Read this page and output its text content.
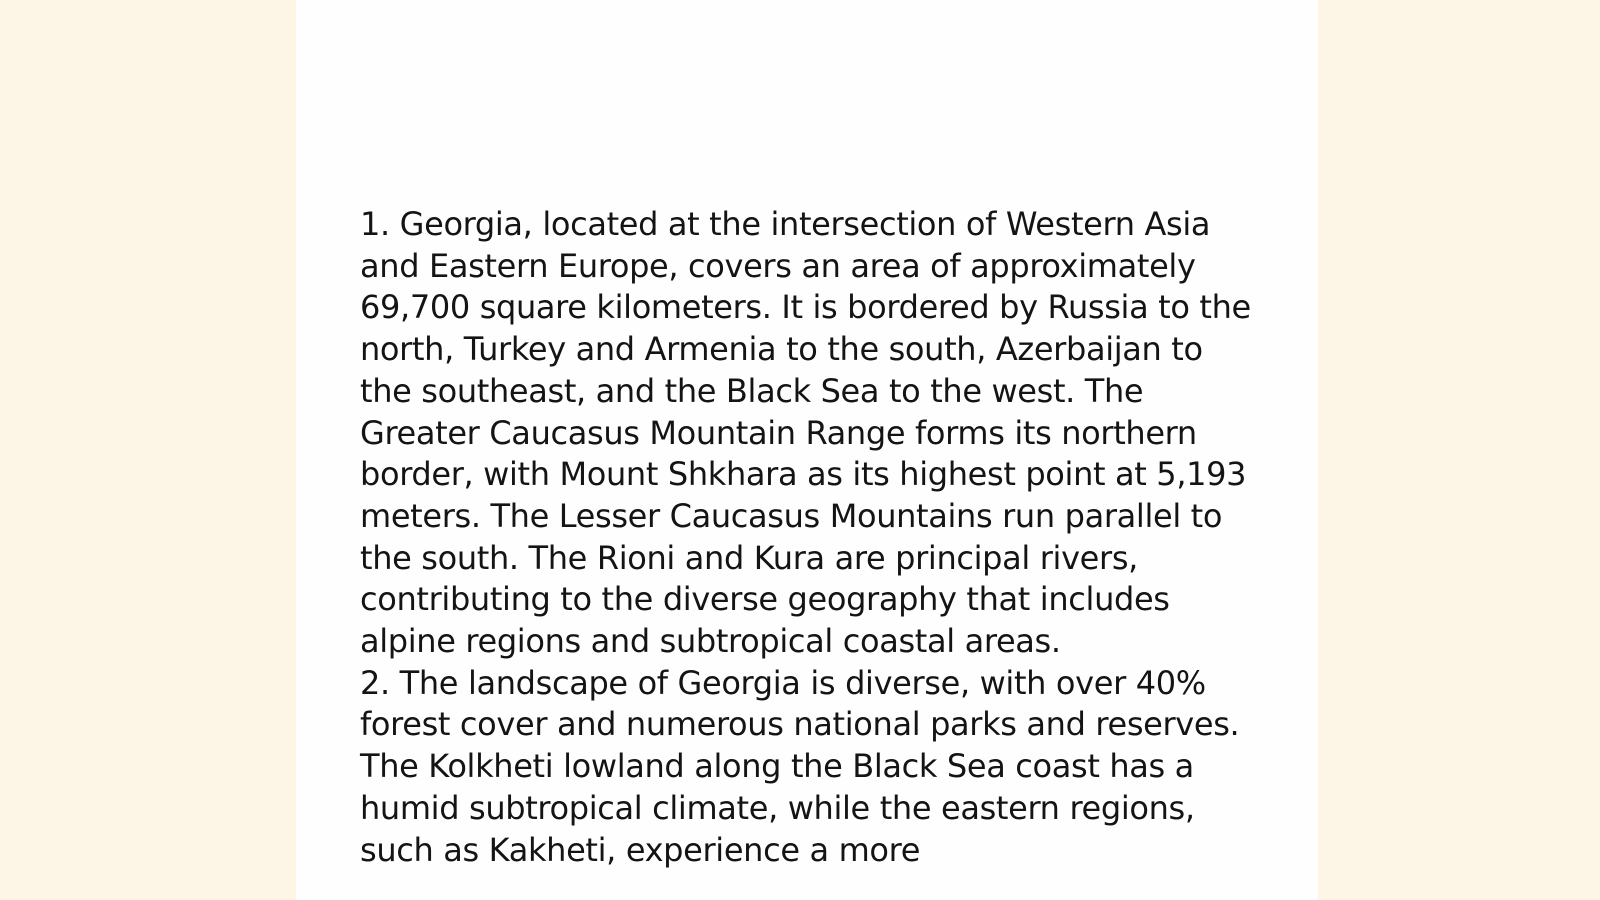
1. Georgia, located at the intersection of Western Asia and Eastern Europe, covers an area of approximately 69,700 square kilometers. It is bordered by Russia to the north, Turkey and Armenia to the south, Azerbaijan to the southeast, and the Black Sea to the west. The Greater Caucasus Mountain Range forms its northern border, with Mount Shkhara as its highest point at 5,193 meters. The Lesser Caucasus Mountains run parallel to the south. The Rioni and Kura are principal rivers, contributing to the diverse geography that includes alpine regions and subtropical coastal areas.

2. The landscape of Georgia is diverse, with over 40% forest cover and numerous national parks and reserves. The Kolkheti lowland along the Black Sea coast has a humid subtropical climate, while the eastern regions, such as Kakheti, experience a more
